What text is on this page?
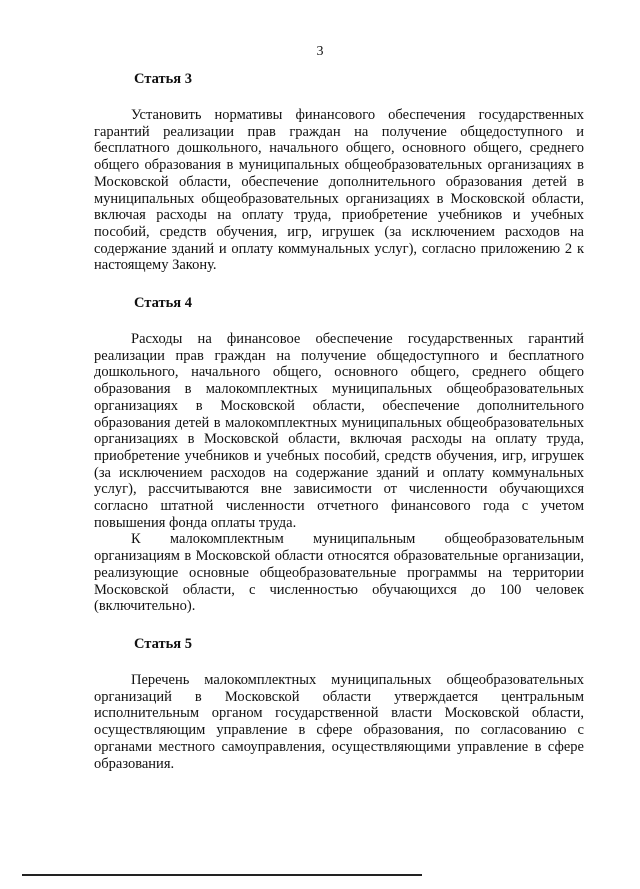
3
Статья 3

Установить нормативы финансового обеспечения государственных гарантий реализации прав граждан на получение общедоступного и бесплатного дошкольного, начального общего, основного общего, среднего общего образования в муниципальных общеобразовательных организациях в Московской области, обеспечение дополнительного образования детей в муниципальных общеобразовательных организациях в Московской области, включая расходы на оплату труда, приобретение учебников и учебных пособий, средств обучения, игр, игрушек (за исключением расходов на содержание зданий и оплату коммунальных услуг), согласно приложению 2 к настоящему Закону.

Статья 4

Расходы на финансовое обеспечение государственных гарантий реализации прав граждан на получение общедоступного и бесплатного дошкольного, начального общего, основного общего, среднего общего образования в малокомплектных муниципальных общеобразовательных организациях в Московской области, обеспечение дополнительного образования детей в малокомплектных муниципальных общеобразовательных организациях в Московской области, включая расходы на оплату труда, приобретение учебников и учебных пособий, средств обучения, игр, игрушек (за исключением расходов на содержание зданий и оплату коммунальных услуг), рассчитываются вне зависимости от численности обучающихся согласно штатной численности отчетного финансового года с учетом повышения фонда оплаты труда.

К малокомплектным муниципальным общеобразовательным организациям в Московской области относятся образовательные организации, реализующие основные общеобразовательные программы на территории Московской области, с численностью обучающихся до 100 человек (включительно).

Статья 5

Перечень малокомплектных муниципальных общеобразовательных организаций в Московской области утверждается центральным исполнительным органом государственной власти Московской области, осуществляющим управление в сфере образования, по согласованию с органами местного самоуправления, осуществляющими управление в сфере образования.
